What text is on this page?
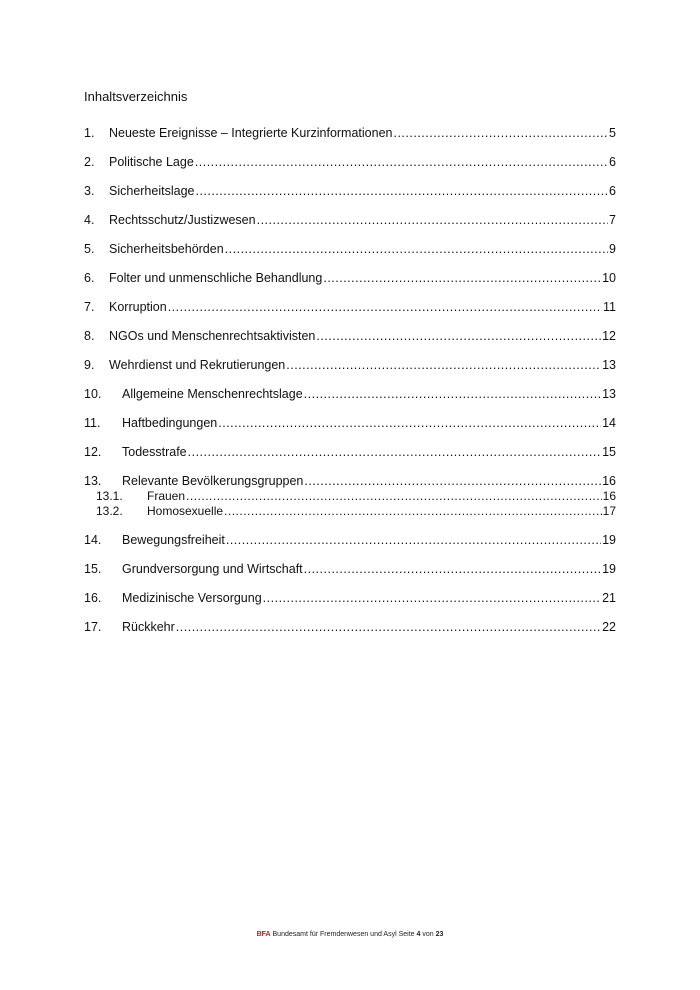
Inhaltsverzeichnis
1.	Neueste Ereignisse – Integrierte Kurzinformationen .....	5
2.	Politische Lage .....	6
3.	Sicherheitslage .....	6
4.	Rechtsschutz/Justizwesen .....	7
5.	Sicherheitsbehörden .....	9
6.	Folter und unmenschliche Behandlung .....	10
7.	Korruption .....	11
8.	NGOs und Menschenrechtsaktivisten .....	12
9.	Wehrdienst und Rekrutierungen .....	13
10.	Allgemeine Menschenrechtslage .....	13
11.	Haftbedingungen .....	14
12.	Todesstrafe .....	15
13.	Relevante Bevölkerungsgruppen .....	16
13.1.	Frauen .....	16
13.2.	Homosexuelle .....	17
14.	Bewegungsfreiheit .....	19
15.	Grundversorgung und Wirtschaft .....	19
16.	Medizinische Versorgung .....	21
17.	Rückkehr .....	22
BFA Bundesamt für Fremdenwesen und Asyl Seite 4 von 23
